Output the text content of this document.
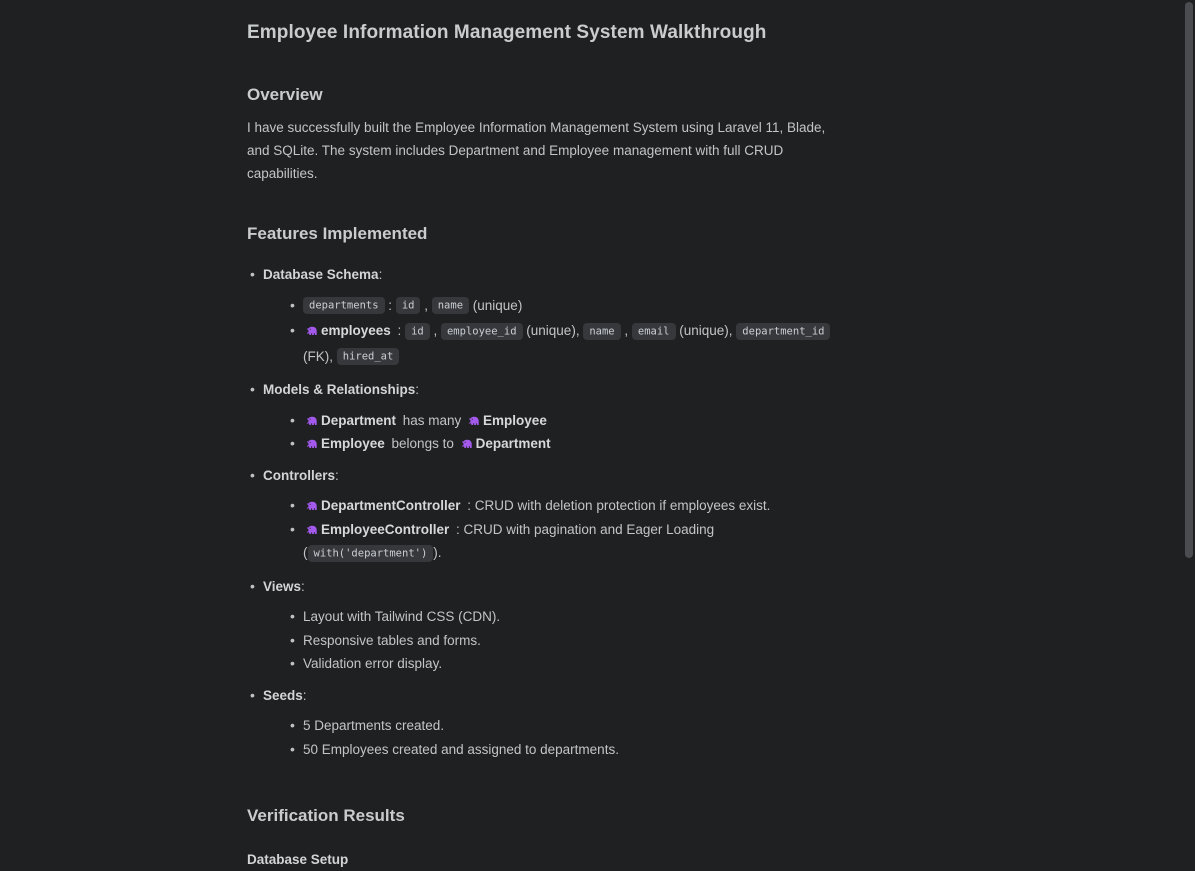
Employee Information Management System Walkthrough
Overview

I have successfully built the Employee Information Management System using Laravel 11, Blade, and SQLite. The system includes Department and Employee management with full CRUD capabilities.

Features Implemented
• Database Schema:
• departments : id , name (unique)
• employees : id , employee_id (unique), name , email (unique), department_id (FK), hired_at
• Models & Relationships:
• Department has many Employee
• Employee belongs to Department
• Controllers:
• DepartmentController : CRUD with deletion protection if employees exist.
• EmployeeController : CRUD with pagination and Eager Loading ( with('department') ).
• Views:
• Layout with Tailwind CSS (CDN).
• Responsive tables and forms.
• Validation error display.
• Seeds:
• 5 Departments created.
• 50 Employees created and assigned to departments.
Verification Results

Database Setup
